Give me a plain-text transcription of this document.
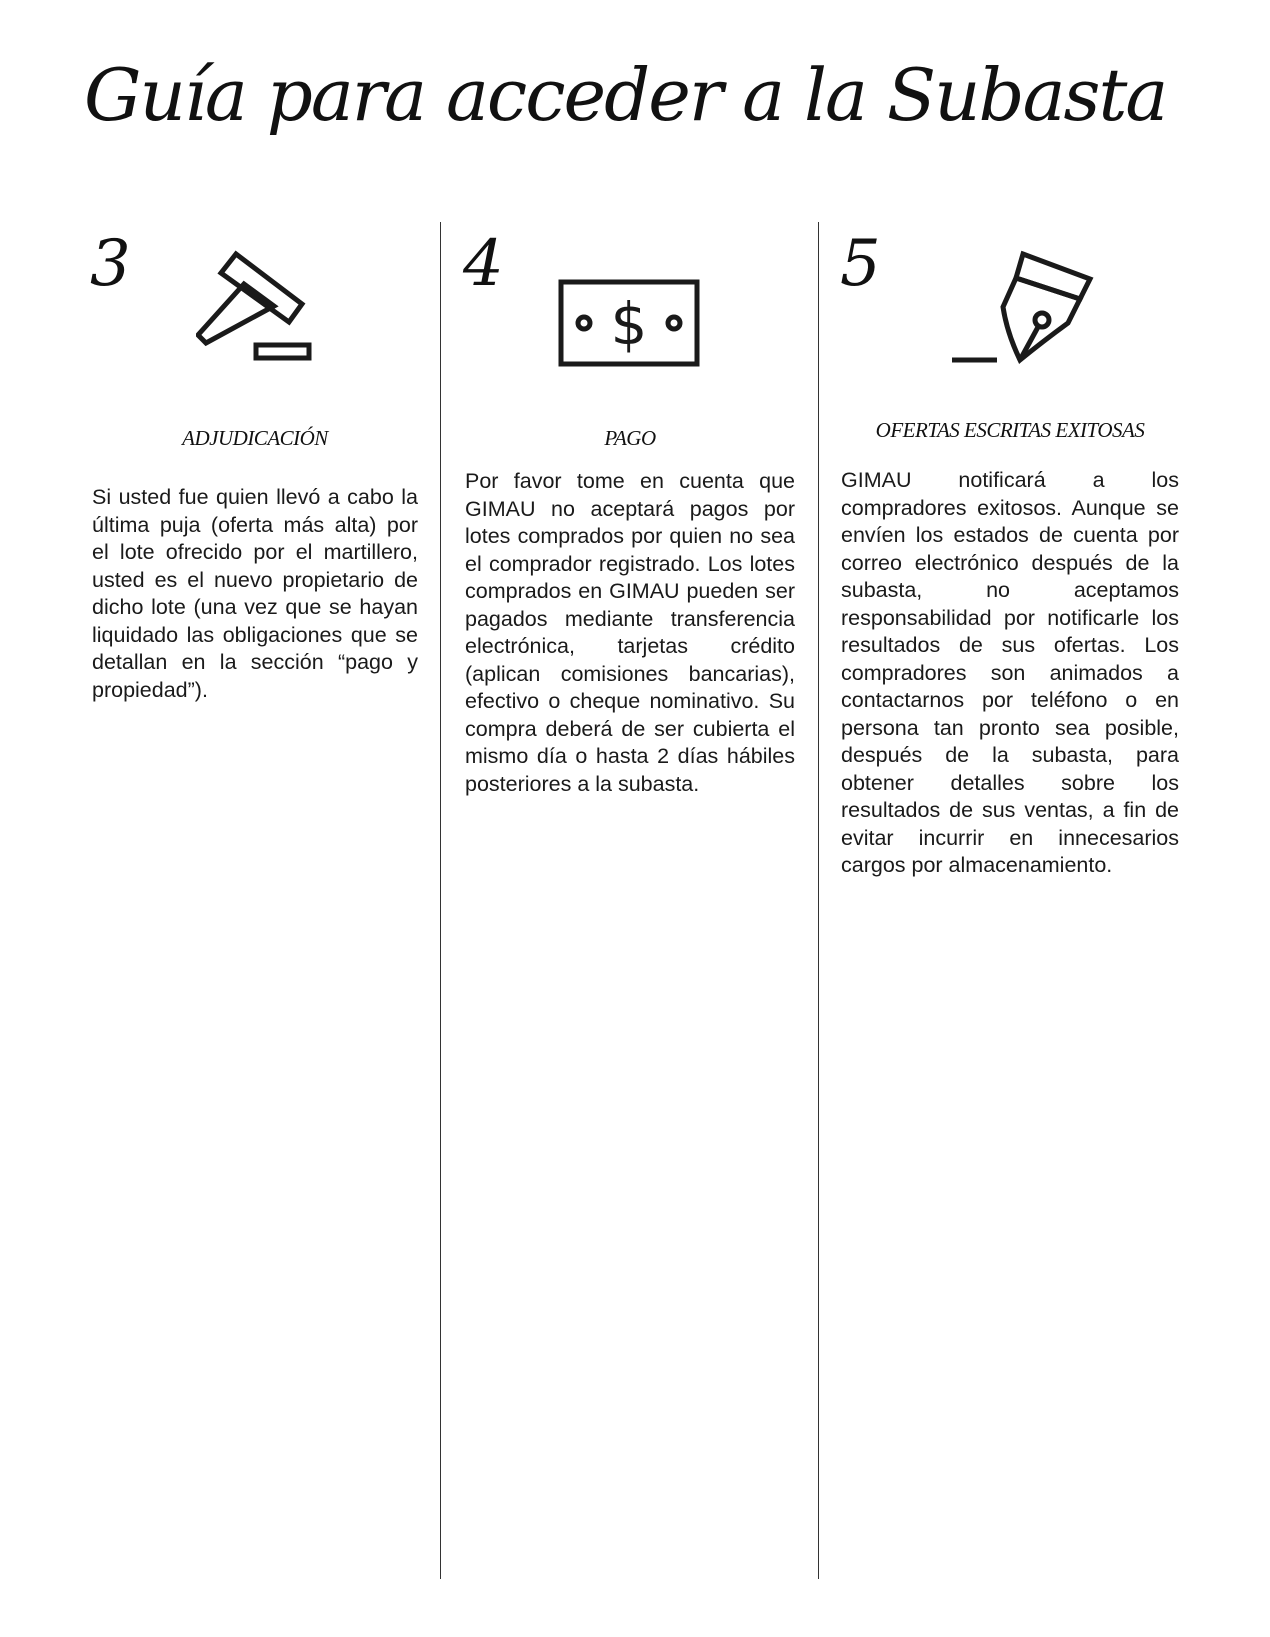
Guía para acceder a la Subasta
3
ADJUDICACIÓN

Si usted fue quien llevó a cabo la última puja (oferta más alta) por el lote ofrecido por el martillero, usted es el nuevo propietario de dicho lote (una vez que se hayan liquidado las obligaciones que se detallan en la sección “pago y propiedad”).

4
$
PAGO

Por favor tome en cuenta que GIMAU no aceptará pagos por lotes comprados por quien no sea el comprador registrado. Los lotes comprados en GIMAU pueden ser pagados mediante transferencia electrónica, tarjetas crédito (aplican comisiones bancarias), efectivo o cheque nominativo. Su compra deberá de ser cubierta el mismo día o hasta 2 días hábiles posteriores a la subasta.

5
OFERTAS ESCRITAS EXITOSAS

GIMAU notificará a los compradores exitosos. Aunque se envíen los estados de cuenta por correo electrónico después de la subasta, no aceptamos responsabilidad por notificarle los resultados de sus ofertas. Los compradores son animados a contactarnos por teléfono o en persona tan pronto sea posible, después de la subasta, para obtener detalles sobre los resultados de sus ventas, a fin de evitar incurrir en innecesarios cargos por almacenamiento.
